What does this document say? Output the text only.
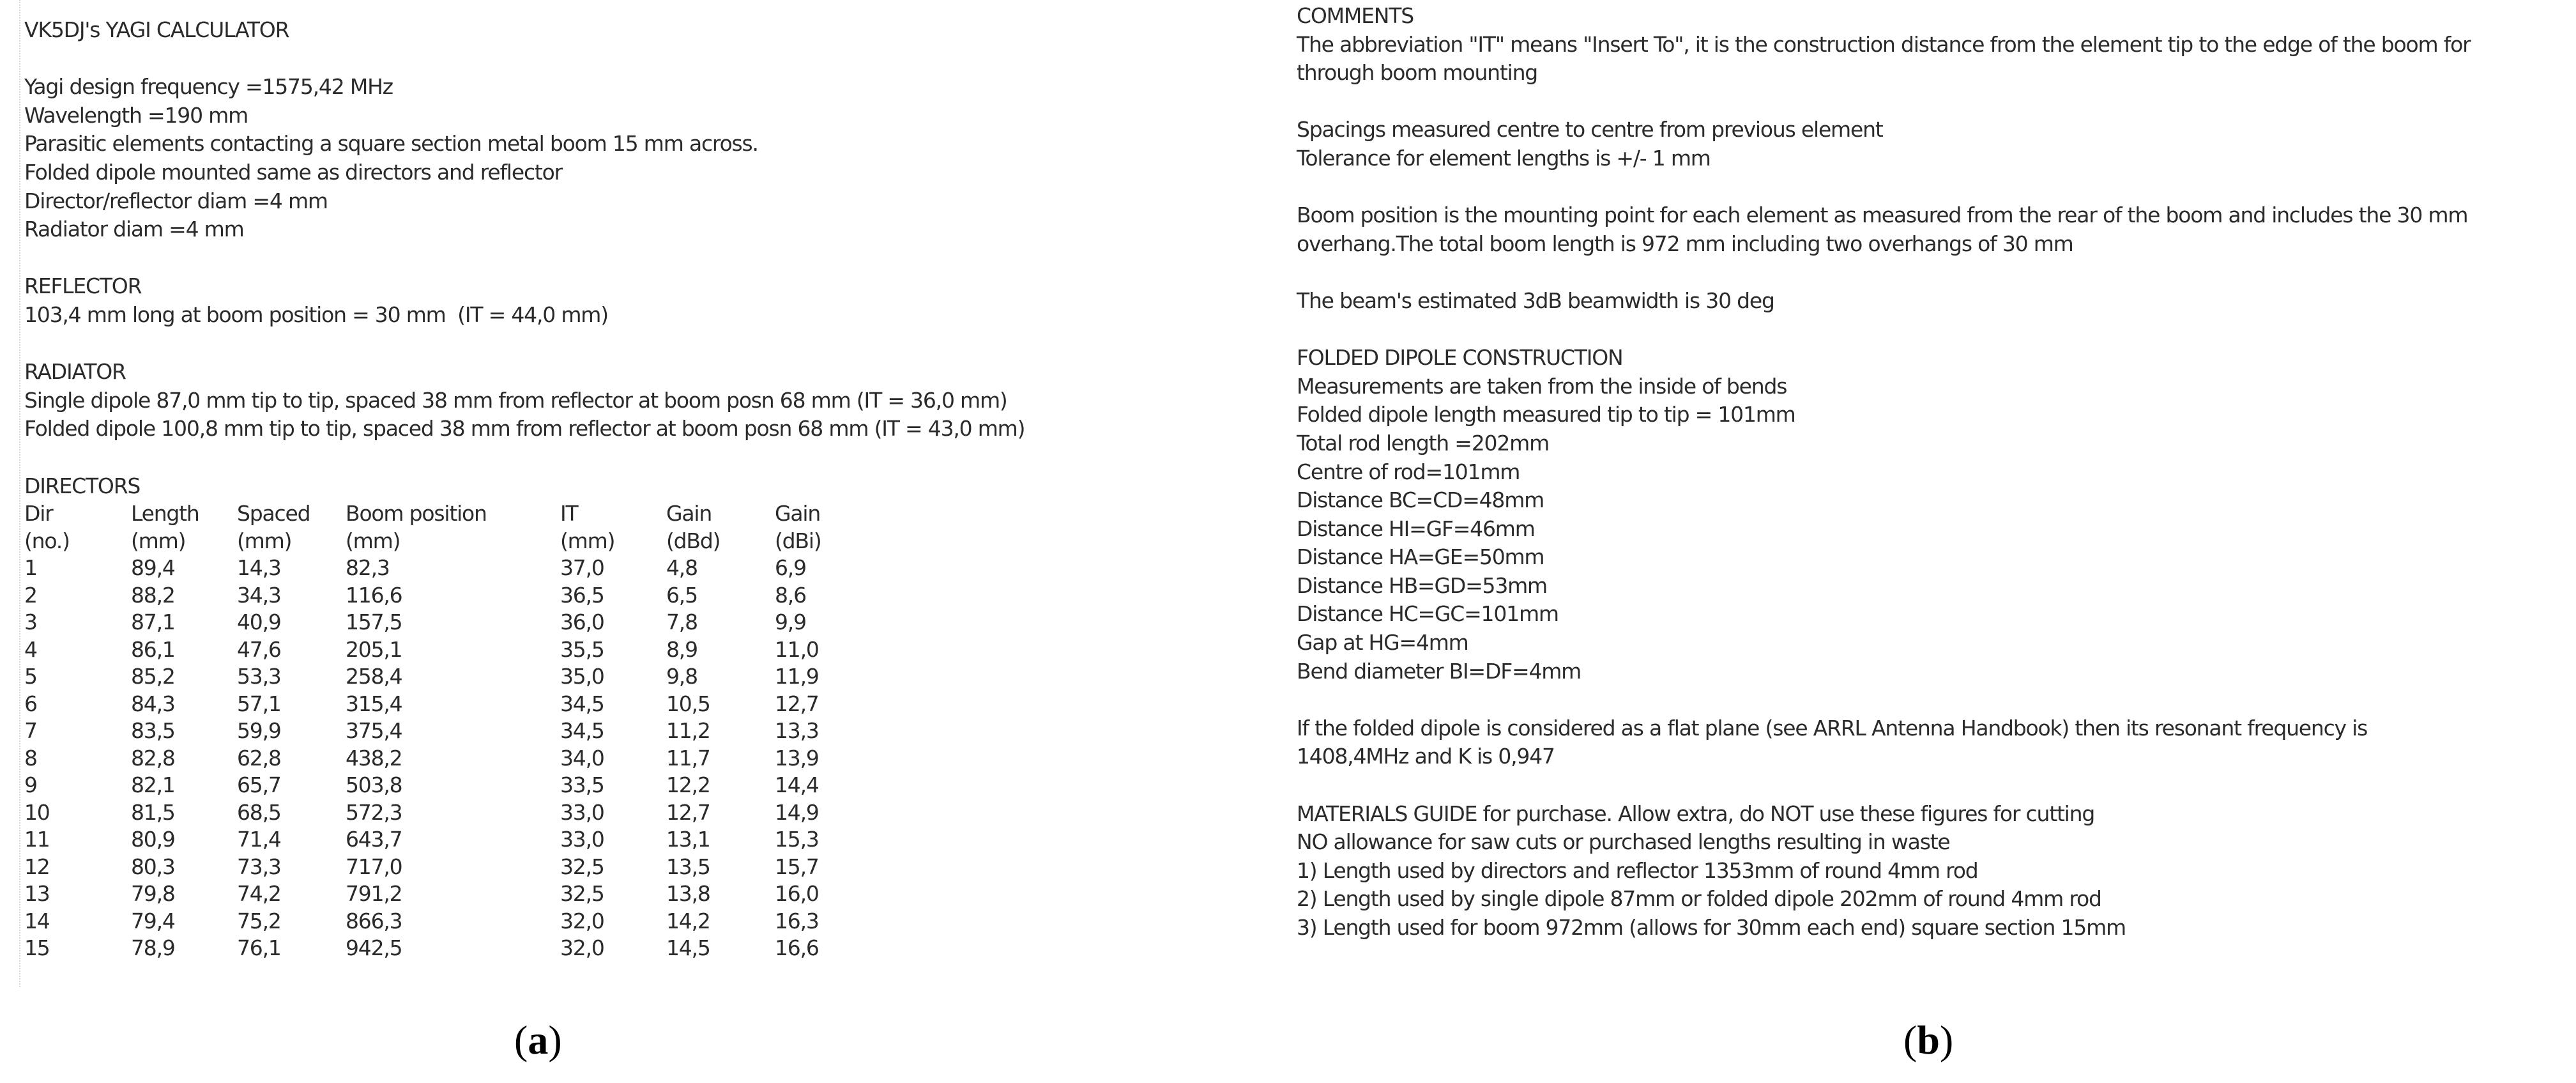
VK5DJ's YAGI CALCULATOR
Yagi design frequency =1575,42 MHz
Wavelength =190 mm
Parasitic elements contacting a square section metal boom 15 mm across.
Folded dipole mounted same as directors and reflector
Director/reflector diam =4 mm
Radiator diam =4 mm
REFLECTOR
103,4 mm long at boom position = 30 mm  (IT = 44,0 mm)
RADIATOR
Single dipole 87,0 mm tip to tip, spaced 38 mm from reflector at boom posn 68 mm (IT = 36,0 mm)
Folded dipole 100,8 mm tip to tip, spaced 38 mm from reflector at boom posn 68 mm (IT = 43,0 mm)
DIRECTORS
Dir	Length	Spaced	Boom position	IT	Gain	Gain
(no.)	(mm)	(mm)	(mm)	(mm)	(dBd)	(dBi)
1	89,4	14,3	82,3	37,0	4,8	6,9
2	88,2	34,3	116,6	36,5	6,5	8,6
3	87,1	40,9	157,5	36,0	7,8	9,9
4	86,1	47,6	205,1	35,5	8,9	11,0
5	85,2	53,3	258,4	35,0	9,8	11,9
6	84,3	57,1	315,4	34,5	10,5	12,7
7	83,5	59,9	375,4	34,5	11,2	13,3
8	82,8	62,8	438,2	34,0	11,7	13,9
9	82,1	65,7	503,8	33,5	12,2	14,4
10	81,5	68,5	572,3	33,0	12,7	14,9
11	80,9	71,4	643,7	33,0	13,1	15,3
12	80,3	73,3	717,0	32,5	13,5	15,7
13	79,8	74,2	791,2	32,5	13,8	16,0
14	79,4	75,2	866,3	32,0	14,2	16,3
15	78,9	76,1	942,5	32,0	14,5	16,6
(a)
COMMENTS
The abbreviation "IT" means "Insert To", it is the construction distance from the element tip to the edge of the boom for
through boom mounting
Spacings measured centre to centre from previous element
Tolerance for element lengths is +/- 1 mm
Boom position is the mounting point for each element as measured from the rear of the boom and includes the 30 mm
overhang.The total boom length is 972 mm including two overhangs of 30 mm
The beam's estimated 3dB beamwidth is 30 deg
FOLDED DIPOLE CONSTRUCTION
Measurements are taken from the inside of bends
Folded dipole length measured tip to tip = 101mm
Total rod length =202mm
Centre of rod=101mm
Distance BC=CD=48mm
Distance HI=GF=46mm
Distance HA=GE=50mm
Distance HB=GD=53mm
Distance HC=GC=101mm
Gap at HG=4mm
Bend diameter BI=DF=4mm
If the folded dipole is considered as a flat plane (see ARRL Antenna Handbook) then its resonant frequency is
1408,4MHz and K is 0,947
MATERIALS GUIDE for purchase. Allow extra, do NOT use these figures for cutting
NO allowance for saw cuts or purchased lengths resulting in waste
1) Length used by directors and reflector 1353mm of round 4mm rod
2) Length used by single dipole 87mm or folded dipole 202mm of round 4mm rod
3) Length used for boom 972mm (allows for 30mm each end) square section 15mm
(b)
